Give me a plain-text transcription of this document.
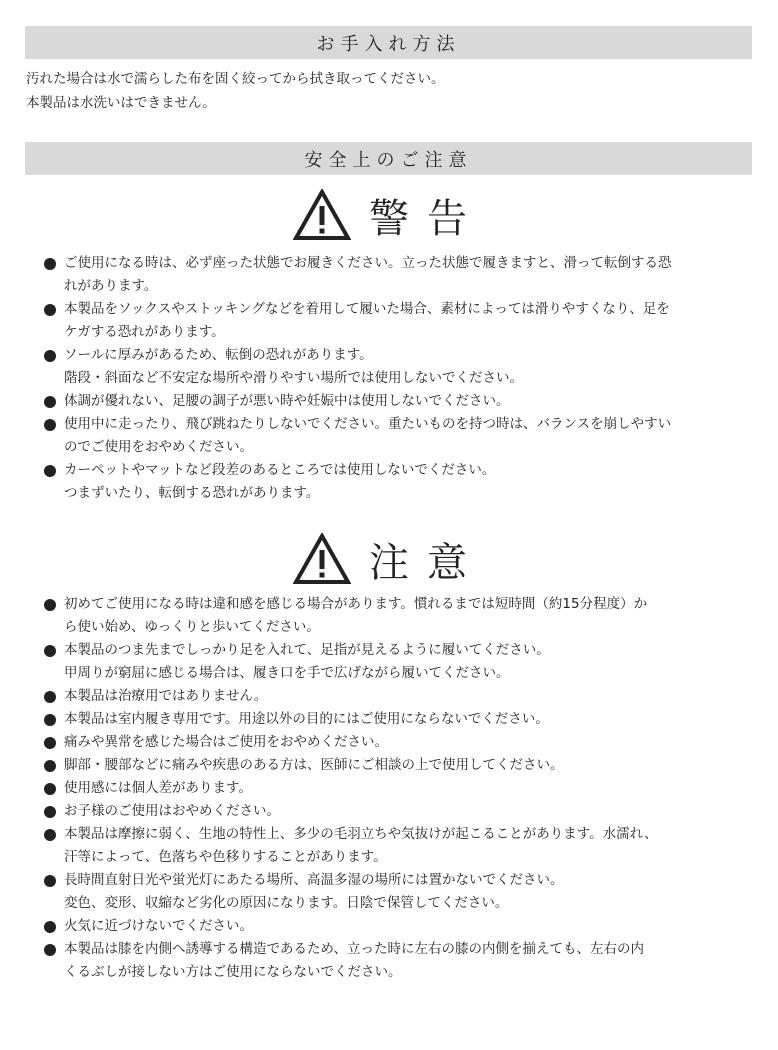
お手入れ方法
汚れた場合は水で濡らした布を固く絞ってから拭き取ってください。
本製品は水洗いはできません。
安全上のご注意
警告
ご使用になる時は、必ず座った状態でお履きください。立った状態で履きますと、滑って転倒する恐
れがあります。
本製品をソックスやストッキングなどを着用して履いた場合、素材によっては滑りやすくなり、足を
ケガする恐れがあります。
ソールに厚みがあるため、転倒の恐れがあります。
階段・斜面など不安定な場所や滑りやすい場所では使用しないでください。
体調が優れない、足腰の調子が悪い時や妊娠中は使用しないでください。
使用中に走ったり、飛び跳ねたりしないでください。重たいものを持つ時は、バランスを崩しやすい
のでご使用をおやめください。
カーペットやマットなど段差のあるところでは使用しないでください。
つまずいたり、転倒する恐れがあります。
注意
初めてご使用になる時は違和感を感じる場合があります。慣れるまでは短時間（約15分程度）か
ら使い始め、ゆっくりと歩いてください。
本製品のつま先までしっかり足を入れて、足指が見えるように履いてください。
甲周りが窮屈に感じる場合は、履き口を手で広げながら履いてください。
本製品は治療用ではありません。
本製品は室内履き専用です。用途以外の目的にはご使用にならないでください。
痛みや異常を感じた場合はご使用をおやめください。
脚部・腰部などに痛みや疾患のある方は、医師にご相談の上で使用してください。
使用感には個人差があります。
お子様のご使用はおやめください。
本製品は摩擦に弱く、生地の特性上、多少の毛羽立ちや気抜けが起こることがあります。水濡れ、
汗等によって、色落ちや色移りすることがあります。
長時間直射日光や蛍光灯にあたる場所、高温多湿の場所には置かないでください。
変色、変形、収縮など劣化の原因になります。日陰で保管してください。
火気に近づけないでください。
本製品は膝を内側へ誘導する構造であるため、立った時に左右の膝の内側を揃えても、左右の内
くるぶしが接しない方はご使用にならないでください。
